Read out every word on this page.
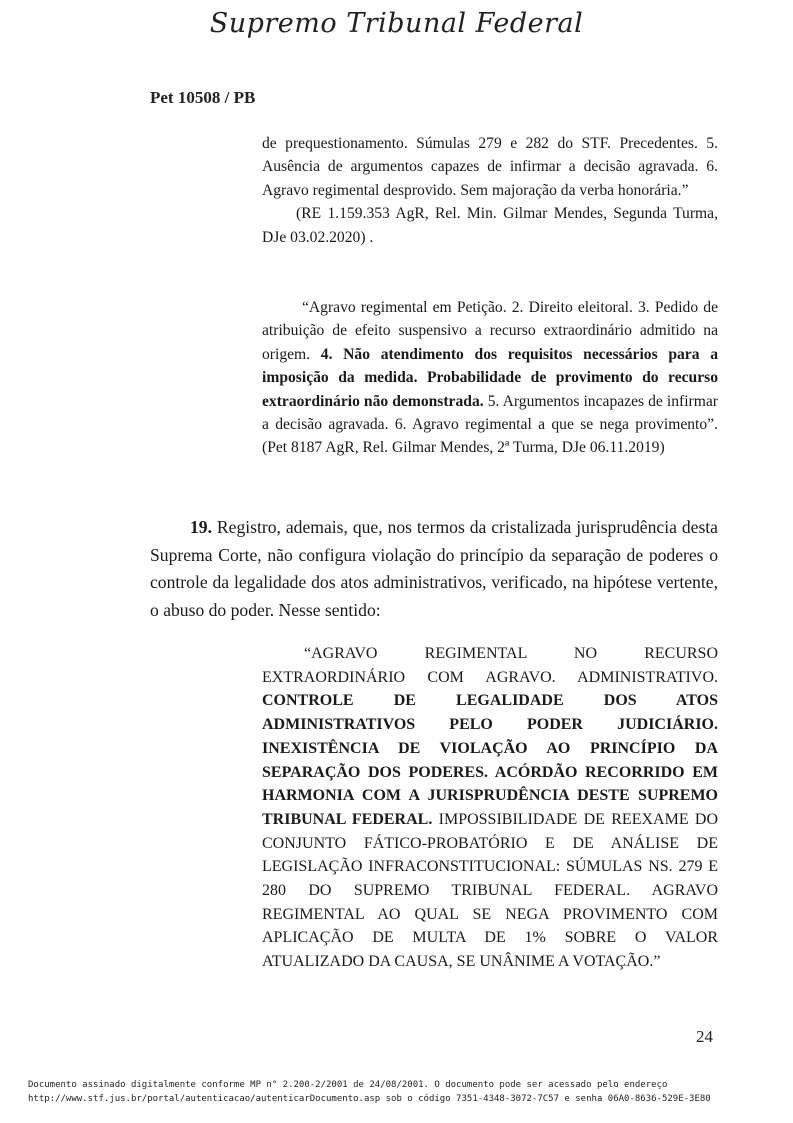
Supremo Tribunal Federal
Pet 10508 / PB

de prequestionamento. Súmulas 279 e 282 do STF. Precedentes. 5. Ausência de argumentos capazes de infirmar a decisão agravada. 6. Agravo regimental desprovido. Sem majoração da verba honorária.”

(RE 1.159.353 AgR, Rel. Min. Gilmar Mendes, Segunda Turma, DJe 03.02.2020) .

“Agravo regimental em Petição. 2. Direito eleitoral. 3. Pedido de atribuição de efeito suspensivo a recurso extraordinário admitido na origem. 4. Não atendimento dos requisitos necessários para a imposição da medida. Probabilidade de provimento do recurso extraordinário não demonstrada. 5. Argumentos incapazes de infirmar a decisão agravada. 6. Agravo regimental a que se nega provimento”. (Pet 8187 AgR, Rel. Gilmar Mendes, 2ª Turma, DJe 06.11.2019)

19. Registro, ademais, que, nos termos da cristalizada jurisprudência desta Suprema Corte, não configura violação do princípio da separação de poderes o controle da legalidade dos atos administrativos, verificado, na hipótese vertente, o abuso do poder. Nesse sentido:

“AGRAVO REGIMENTAL NO RECURSO EXTRAORDINÁRIO COM AGRAVO. ADMINISTRATIVO. CONTROLE DE LEGALIDADE DOS ATOS ADMINISTRATIVOS PELO PODER JUDICIÁRIO. INEXISTÊNCIA DE VIOLAÇÃO AO PRINCÍPIO DA SEPARAÇÃO DOS PODERES. ACÓRDÃO RECORRIDO EM HARMONIA COM A JURISPRUDÊNCIA DESTE SUPREMO TRIBUNAL FEDERAL. IMPOSSIBILIDADE DE REEXAME DO CONJUNTO FÁTICO-PROBATÓRIO E DE ANÁLISE DE LEGISLAÇÃO INFRACONSTITUCIONAL: SÚMULAS NS. 279 E 280 DO SUPREMO TRIBUNAL FEDERAL. AGRAVO REGIMENTAL AO QUAL SE NEGA PROVIMENTO COM APLICAÇÃO DE MULTA DE 1% SOBRE O VALOR ATUALIZADO DA CAUSA, SE UNÂNIME A VOTAÇÃO.”

24
Documento assinado digitalmente conforme MP n° 2.200-2/2001 de 24/08/2001. O documento pode ser acessado pelo endereço
http://www.stf.jus.br/portal/autenticacao/autenticarDocumento.asp sob o código 7351-4348-3072-7C57 e senha 06A0-8636-529E-3E80
